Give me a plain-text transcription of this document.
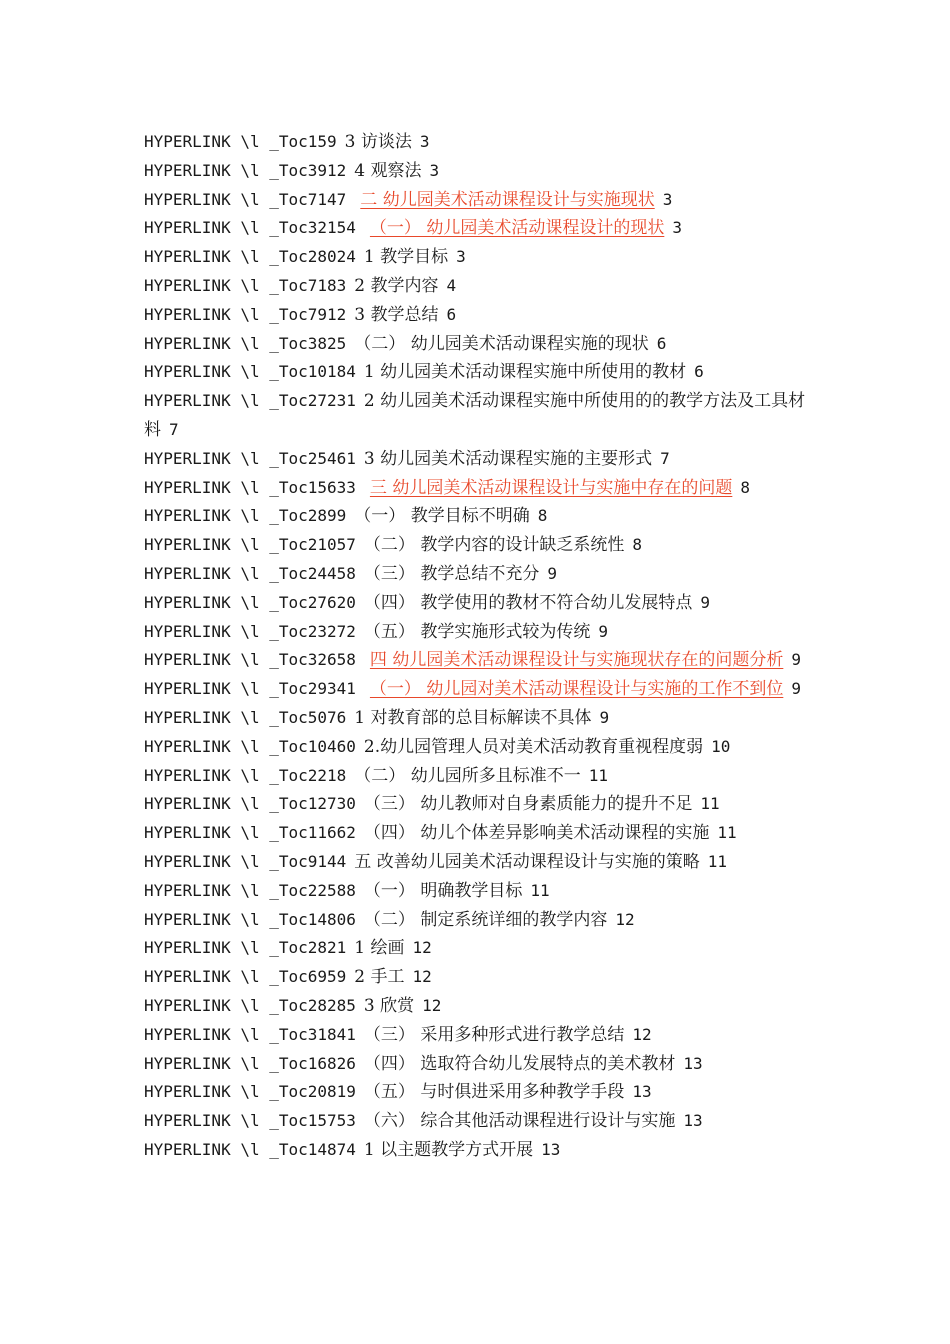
HYPERLINK \l _Toc159 3 访谈法 3
HYPERLINK \l _Toc3912 4 观察法 3
HYPERLINK \l _Toc7147 二 幼儿园美术活动课程设计与实施现状 3
HYPERLINK \l _Toc32154 （一） 幼儿园美术活动课程设计的现状 3
HYPERLINK \l _Toc28024 1 教学目标 3
HYPERLINK \l _Toc7183 2 教学内容 4
HYPERLINK \l _Toc7912 3 教学总结 6
HYPERLINK \l _Toc3825 （二） 幼儿园美术活动课程实施的现状 6
HYPERLINK \l _Toc10184 1 幼儿园美术活动课程实施中所使用的教材 6
HYPERLINK \l _Toc27231 2 幼儿园美术活动课程实施中所使用的的教学方法及工具材料 7
HYPERLINK \l _Toc25461 3 幼儿园美术活动课程实施的主要形式 7
HYPERLINK \l _Toc15633 三 幼儿园美术活动课程设计与实施中存在的问题 8
HYPERLINK \l _Toc2899 （一） 教学目标不明确 8
HYPERLINK \l _Toc21057 （二） 教学内容的设计缺乏系统性 8
HYPERLINK \l _Toc24458 （三） 教学总结不充分 9
HYPERLINK \l _Toc27620 （四） 教学使用的教材不符合幼儿发展特点 9
HYPERLINK \l _Toc23272 （五） 教学实施形式较为传统 9
HYPERLINK \l _Toc32658 四 幼儿园美术活动课程设计与实施现状存在的问题分析 9
HYPERLINK \l _Toc29341 （一） 幼儿园对美术活动课程设计与实施的工作不到位 9
HYPERLINK \l _Toc5076 1 对教育部的总目标解读不具体 9
HYPERLINK \l _Toc10460 2.幼儿园管理人员对美术活动教育重视程度弱 10
HYPERLINK \l _Toc2218 （二） 幼儿园所多且标准不一 11
HYPERLINK \l _Toc12730 （三） 幼儿教师对自身素质能力的提升不足 11
HYPERLINK \l _Toc11662 （四） 幼儿个体差异影响美术活动课程的实施 11
HYPERLINK \l _Toc9144 五 改善幼儿园美术活动课程设计与实施的策略 11
HYPERLINK \l _Toc22588 （一） 明确教学目标 11
HYPERLINK \l _Toc14806 （二） 制定系统详细的教学内容 12
HYPERLINK \l _Toc2821 1 绘画 12
HYPERLINK \l _Toc6959 2 手工 12
HYPERLINK \l _Toc28285 3 欣赏 12
HYPERLINK \l _Toc31841 （三） 采用多种形式进行教学总结 12
HYPERLINK \l _Toc16826 （四） 选取符合幼儿发展特点的美术教材 13
HYPERLINK \l _Toc20819 （五） 与时俱进采用多种教学手段 13
HYPERLINK \l _Toc15753 （六） 综合其他活动课程进行设计与实施 13
HYPERLINK \l _Toc14874 1 以主题教学方式开展 13
